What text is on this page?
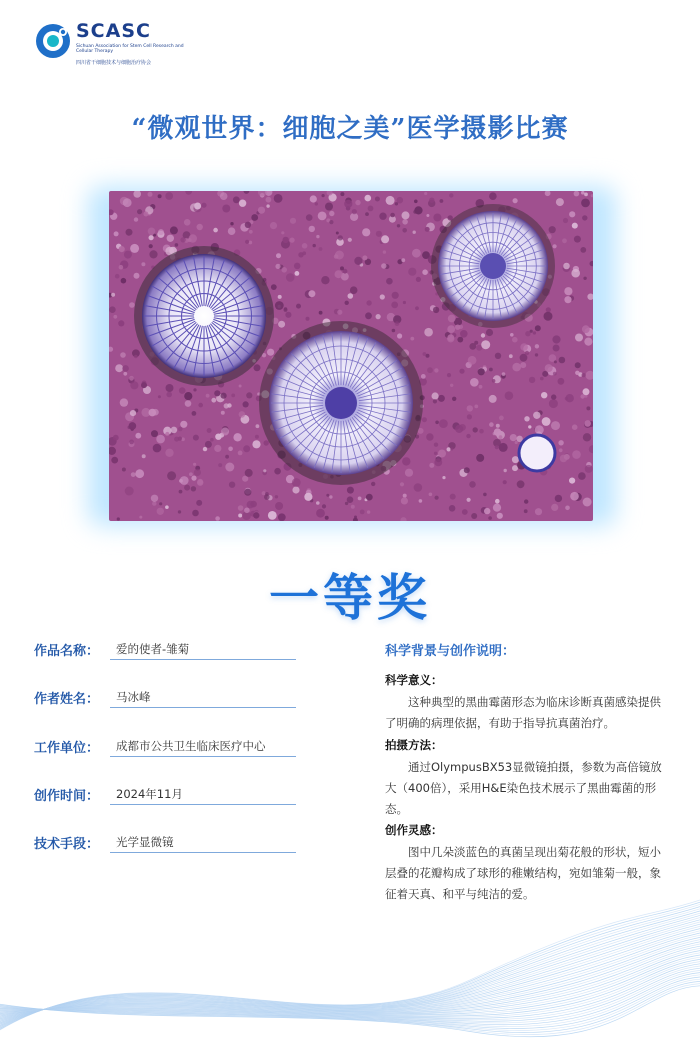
SCASC
Sichuan Association for Stem Cell Research and Cellular Therapy
四川省干细胞技术与细胞治疗协会
“微观世界：细胞之美”医学摄影比赛
一等奖
作品名称： 爱的使者-雏菊
作者姓名： 马冰峰
工作单位： 成都市公共卫生临床医疗中心
创作时间： 2024年11月
技术手段： 光学显微镜
科学背景与创作说明：

科学意义：

这种典型的黑曲霉菌形态为临床诊断真菌感染提供了明确的病理依据，有助于指导抗真菌治疗。

拍摄方法：

通过OlympusBX53显微镜拍摄，参数为高倍镜放大（400倍），采用H&E染色技术展示了黑曲霉菌的形态。

创作灵感：

图中几朵淡蓝色的真菌呈现出菊花般的形状，短小层叠的花瓣构成了球形的稚嫩结构，宛如雏菊一般，象征着天真、和平与纯洁的爱。
